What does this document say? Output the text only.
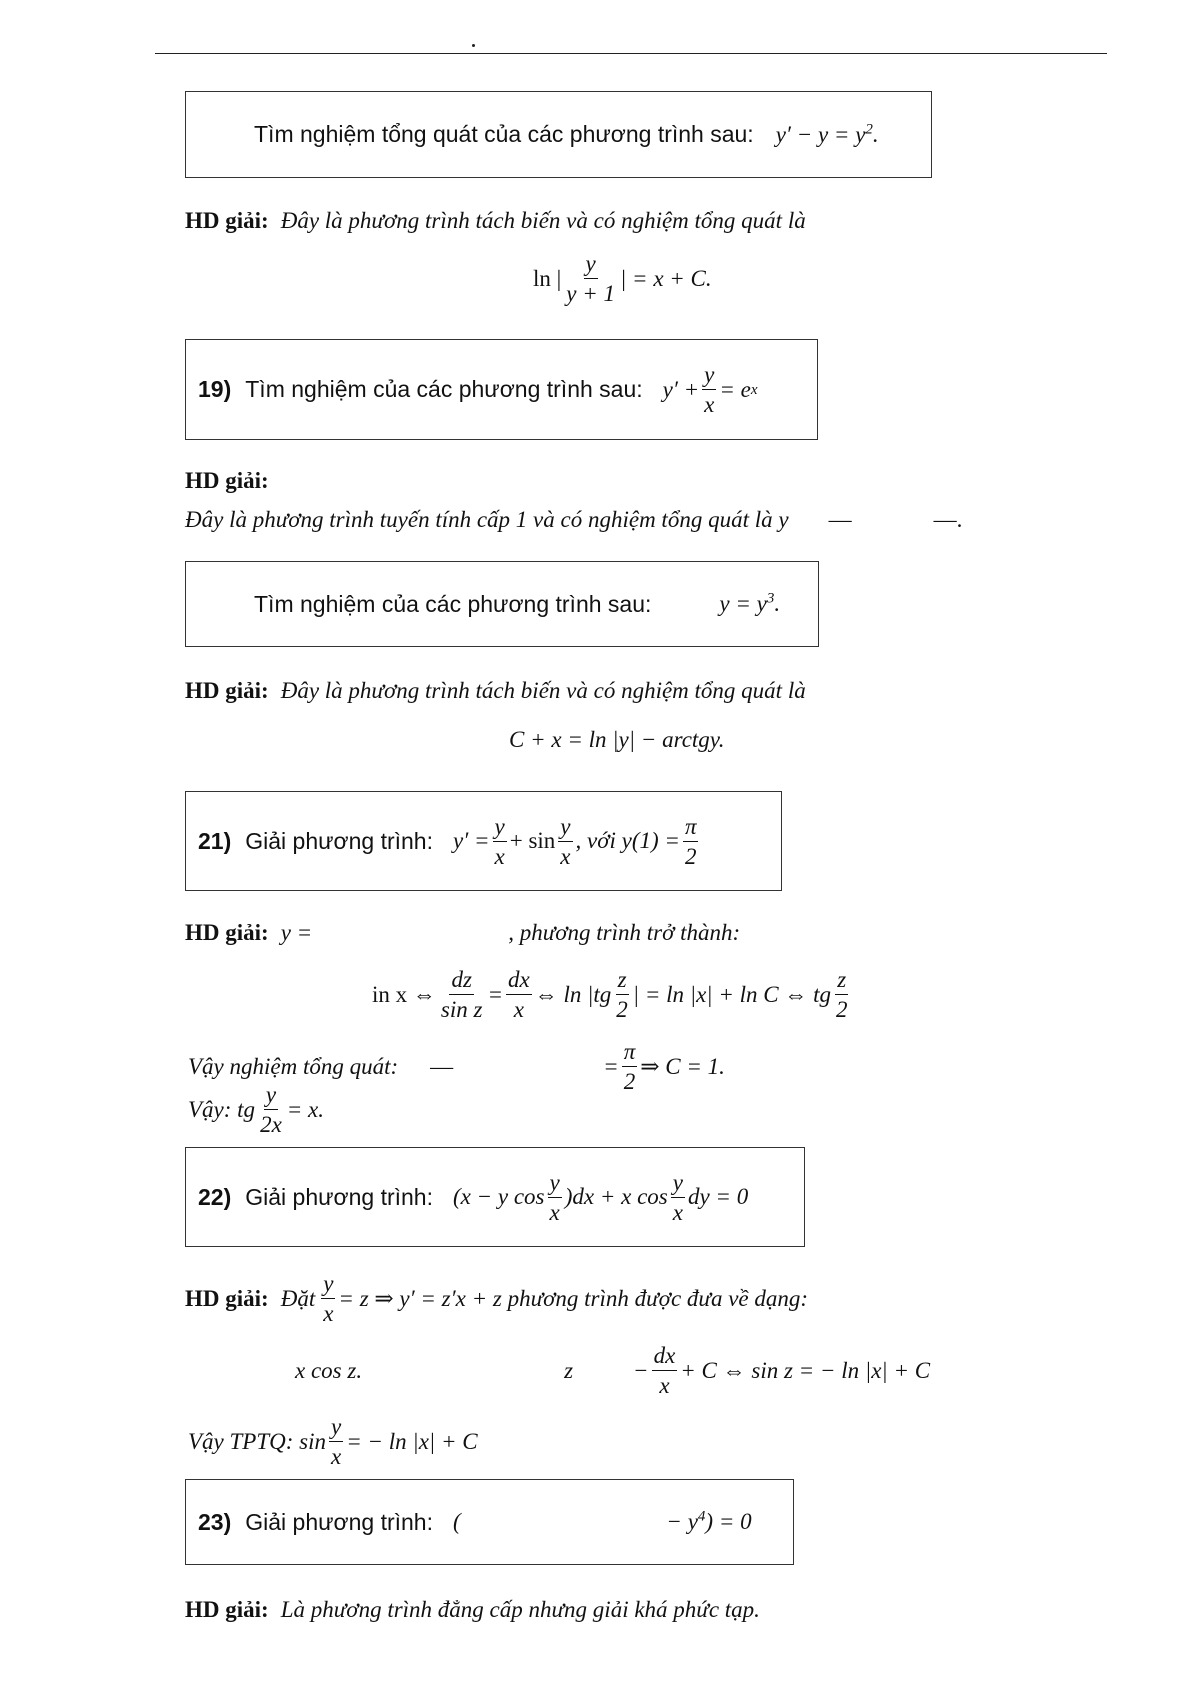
Tìm nghiệm tổng quát của các phương trình sau: $y' - y = y^2$.
HD giải: Đây là phương trình tách biến và có nghiệm tổng quát là
ln | $\frac{y}{y + 1}$ | = x + C.
19) Tìm nghiệm của các phương trình sau: $y' + \frac{y}{x} = e$ x
HD giải:
Đây là phương trình tuyến tính cấp 1 và có nghiệm tổng quát là y —	—.
Tìm nghiệm của các phương trình sau:	$y = y^3$.
HD giải: Đây là phương trình tách biến và có nghiệm tổng quát là
C + x = ln |y| − arctgy.
21) Giải phương trình: $y' = \frac{y}{x} + \sin \frac{y}{x}$ , với $y(1) = \frac{\pi}{2}$
HD giải: y =	, phương trình trở thành:
in x ⇔ $\frac{dz}{\text{sin z}} = \frac{dx}{x}$ ⇔ $\ln |tg \frac{z}{2}$ | = ln |x| + ln C ⇔ tg $\frac{z}{2}$
Vậy nghiệm tổng quát: —	= $\frac{\pi}{2}$ ⇒ C = 1.
Vậy: tg $\frac{y}{2x} = x$.
22) Giải phương trình: (x − y $\cos \frac{y}{x} )dx + x$ $\cos \frac{y}{x}$ dy = 0
HD giải: Đặt $\frac{y}{x} = z$ ⇒ y′ = z′x + z phương trình được đưa về dạng:
x cos z.	z	− $\frac{dx}{x} + C$ ⇔ sin z = − ln |x| + C
Vậy TPTQ: $\sin \frac{y}{x}$ = − ln |x| + C
23) Giải phương trình: (	− $y^4) = 0$
HD giải: Là phương trình đẳng cấp nhưng giải khá phức tạp.
